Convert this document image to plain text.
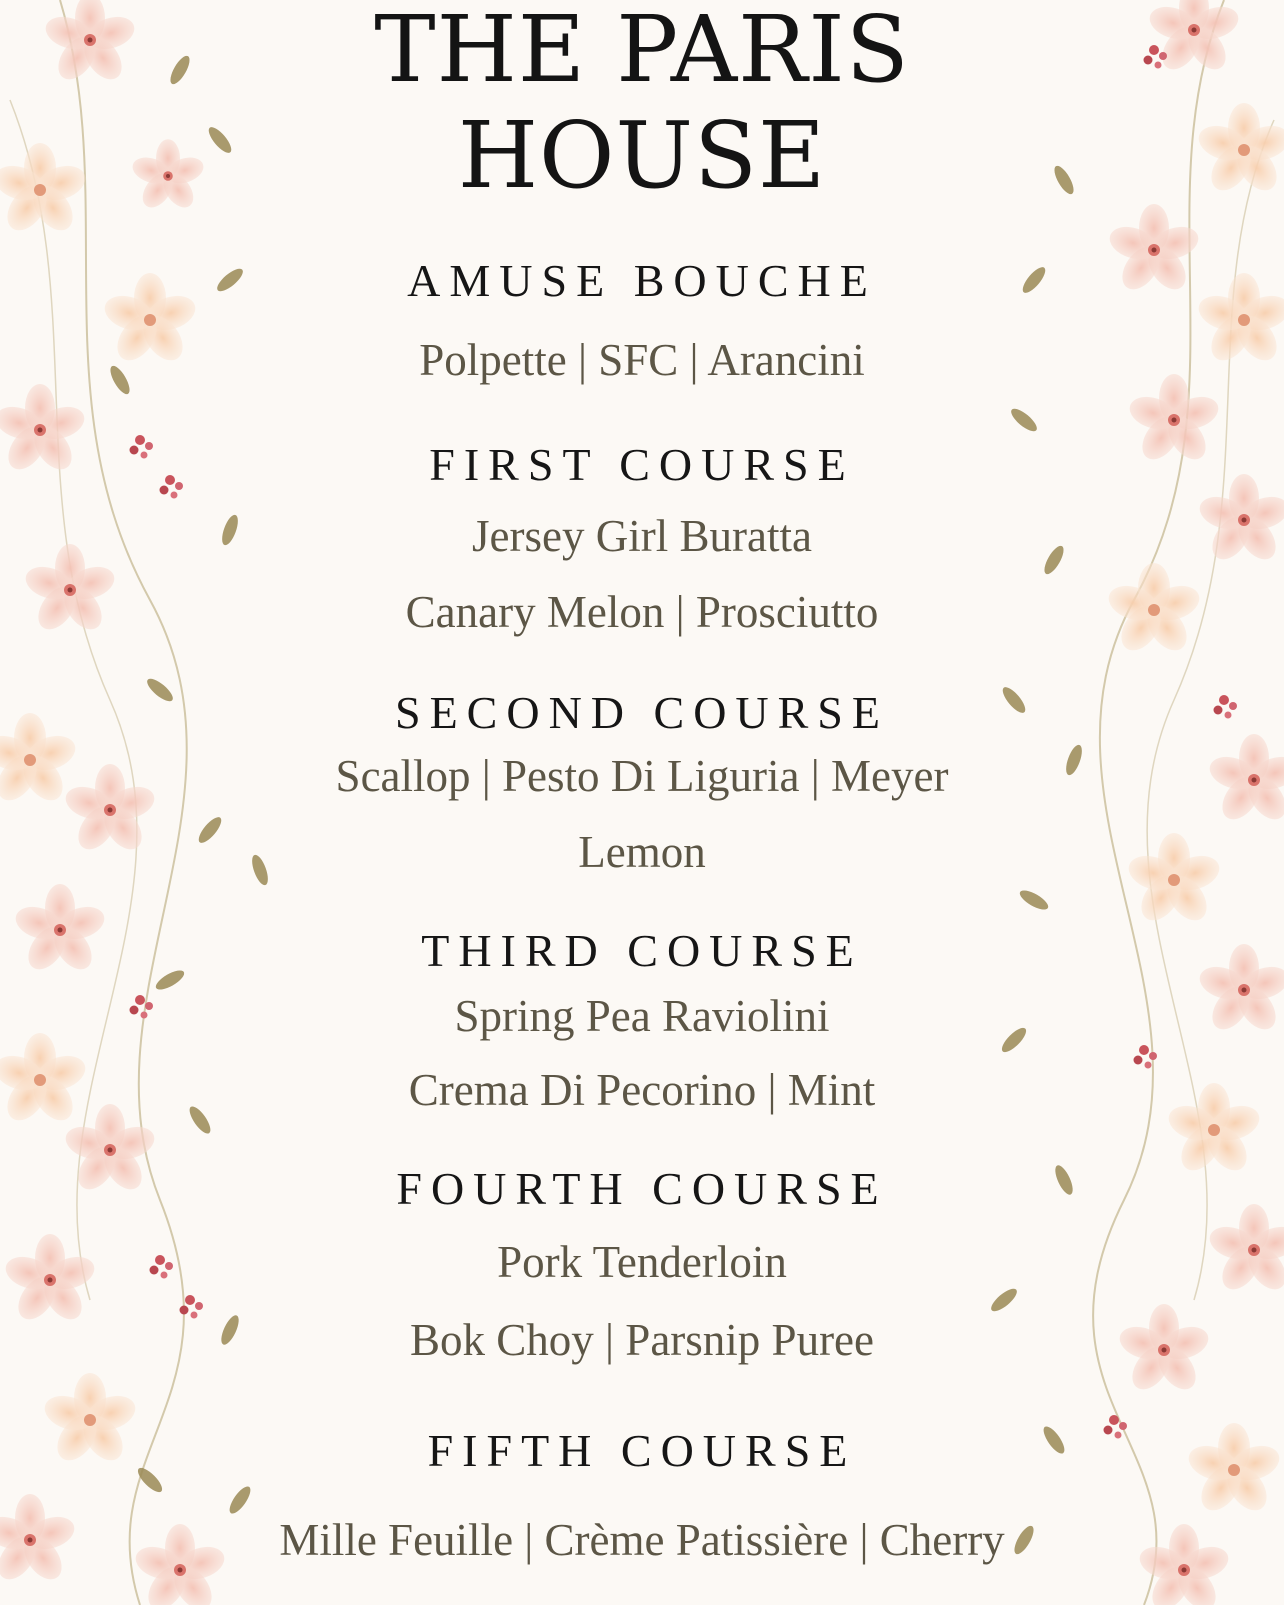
THE PARIS
HOUSE
AMUSE BOUCHE
Polpette | SFC | Arancini
FIRST COURSE
Jersey Girl Buratta
Canary Melon | Prosciutto
SECOND COURSE
Scallop | Pesto Di Liguria | Meyer
Lemon
THIRD COURSE
Spring Pea Raviolini
Crema Di Pecorino | Mint
FOURTH COURSE
Pork Tenderloin
Bok Choy | Parsnip Puree
FIFTH COURSE
Mille Feuille | Crème Patissière | Cherry
